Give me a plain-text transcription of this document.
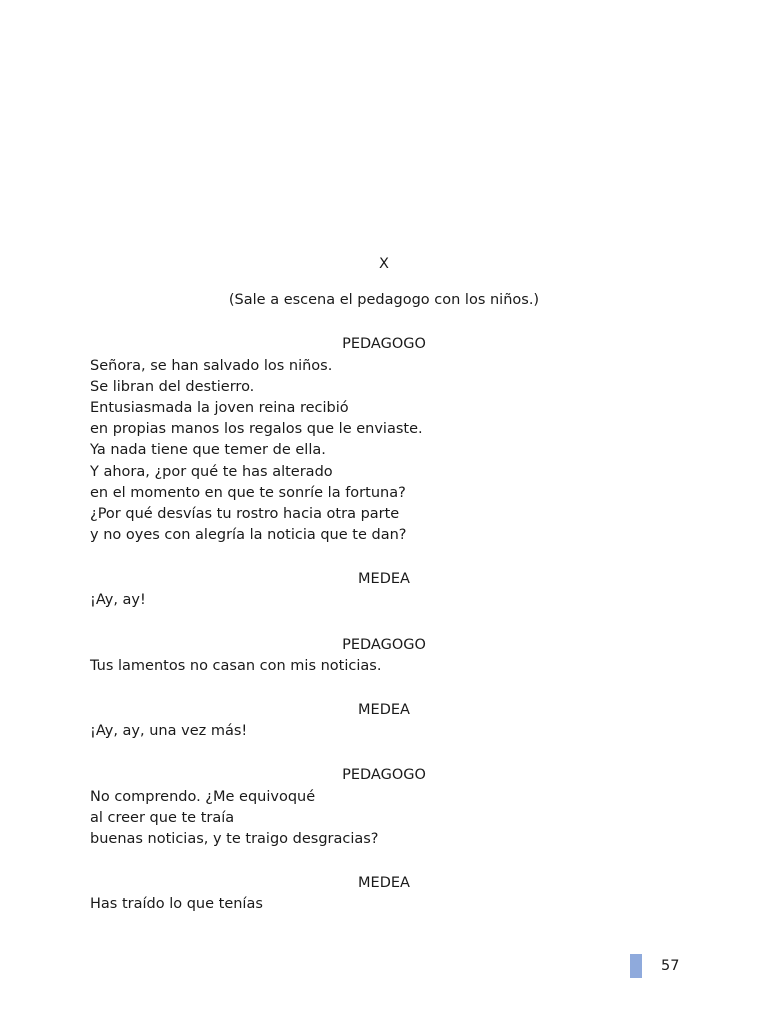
X
(Sale a escena el pedagogo con los niños.)
PEDAGOGO
Señora, se han salvado los niños.
Se libran del destierro.
Entusiasmada la joven reina recibió
en propias manos los regalos que le enviaste.
Ya nada tiene que temer de ella.
Y ahora, ¿por qué te has alterado
en el momento en que te sonríe la fortuna?
¿Por qué desvías tu rostro hacia otra parte
y no oyes con alegría la noticia que te dan?
MEDEA
¡Ay, ay!
PEDAGOGO
Tus lamentos no casan con mis noticias.
MEDEA
¡Ay, ay, una vez más!
PEDAGOGO
No comprendo. ¿Me equivoqué
al creer que te traía
buenas noticias, y te traigo desgracias?
MEDEA
Has traído lo que tenías
57
